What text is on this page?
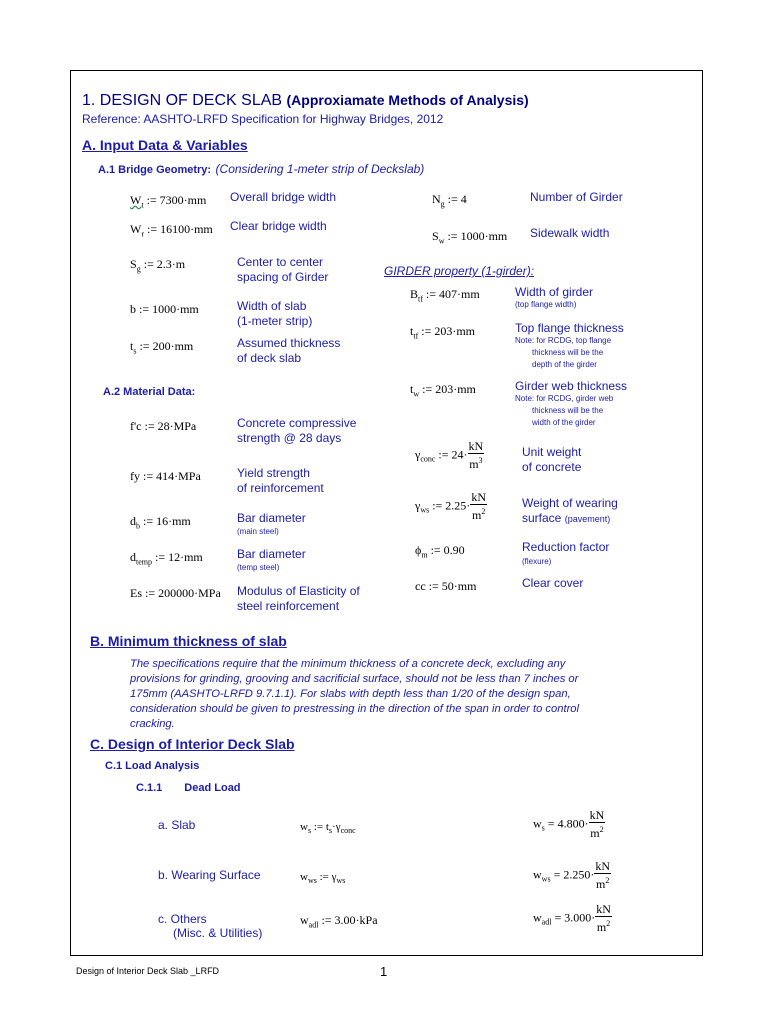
1. DESIGN OF DECK SLAB (Approxiamate Methods of Analysis)
Reference: AASHTO-LRFD Specification for Highway Bridges, 2012
A. Input Data & Variables
A.1 Bridge Geometry: (Considering 1-meter strip of Deckslab)
$W_t$ := 7300·mm Overall bridge width
$W_r$ := 16100·mm Clear bridge width
$S_g$ := 2.3·m	Center to center
spacing of Girder
b := 1000·mm	Width of slab
(1-meter strip)
$t_s$ := 200·mm	Assumed thickness
of deck slab
A.2 Material Data:
f'c := 28·MPa	Concrete compressive
strength @ 28 days
fy := 414·MPa	Yield strength
of reinforcement
$d_b$ := 16·mm	Bar diameter
(main steel)
$d_{temp}$ := 12·mm	Bar diameter
(temp steel)
Es := 200000·MPa Modulus of Elasticity of
steel reinforcement
$N_g$ := 4	Number of Girder
$S_w$ := 1000·mm Sidewalk width
GIRDER property (1-girder):
$B_{tf}$ := 407·mm	Width of girder
(top flange width)
$t_{tf}$ := 203·mm	Top flange thickness
Note: for RCDG, top flange
thickness will be the
depth of the girder
$t_w$ := 203·mm	Girder web thickness
Note: for RCDG, girder web
thickness will be the
width of the girder
$\gamma_{conc}$ := $24\cdot \frac{kN}{m^3}$	Unit weight
of concrete
$\gamma_{ws}$ := $2.25\cdot \frac{kN}{m^2}$	Weight of wearing
surface (pavement)
$\phi_m$ := 0.90	Reduction factor
(flexure)
cc := 50·mm	Clear cover
B. Minimum thickness of slab
The specifications require that the minimum thickness of a concrete deck, excluding any provisions for grinding, grooving and sacrificial surface, should not be less than 7 inches or 175mm (AASHTO-LRFD 9.7.1.1). For slabs with depth less than 1/20 of the design span, consideration should be given to prestressing in the direction of the span in order to control cracking.
C. Design of Interior Deck Slab
C.1 Load Analysis
C.1.1 Dead Load
a. Slab	$w_s$ := $t_s\cdot\gamma_{conc}$
$w_s = 4.800\cdot \frac{kN}{m^2}$
b. Wearing Surface	$w_{ws}$ := $\gamma_{ws}$	$w_{ws} = 2.250\cdot \frac{kN}{m^2}$
c. Others
(Misc. & Utilities)
$w_{adl}$ := 3.00·kPa	$w_{adl} = 3.000\cdot \frac{kN}{m^2}$
Design of Interior Deck Slab _LRFD	1
